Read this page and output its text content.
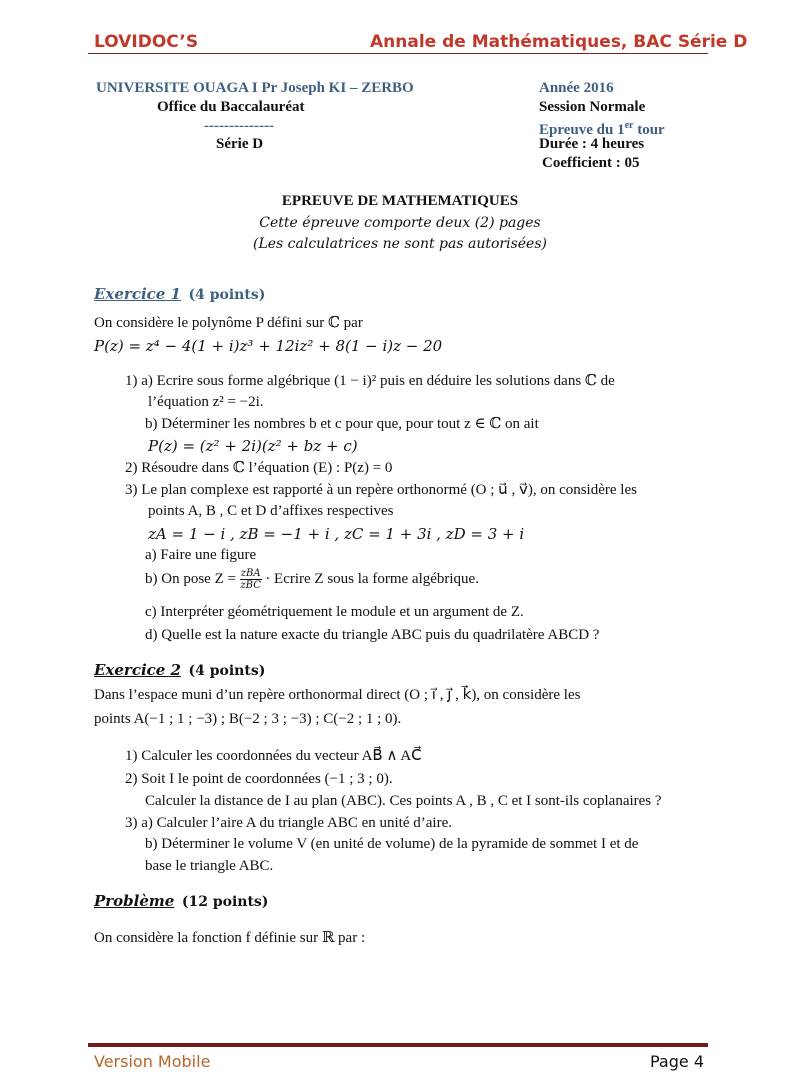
LOVIDOC’S	Annale de Mathématiques, BAC Série D
UNIVERSITE OUAGA I Pr Joseph KI – ZERBO
Office du Baccalauréat
--------------
Série D
Année 2016
Session Normale
Epreuve du 1er tour
Durée : 4 heures
Coefficient : 05
EPREUVE DE MATHEMATIQUES
Cette épreuve comporte deux (2) pages
(Les calculatrices ne sont pas autorisées)
Exercice 1 (4 points)
On considère le polynôme P défini sur ℂ par
P(z) = z⁴ − 4(1 + i)z³ + 12iz² + 8(1 − i)z − 20
1) a) Ecrire sous forme algébrique (1 − i)² puis en déduire les solutions dans ℂ de
l’équation z² = −2i.
b) Déterminer les nombres b et c pour que, pour tout z ∈ ℂ on ait
P(z) = (z² + 2i)(z² + bz + c)
2) Résoudre dans ℂ l’équation (E) : P(z) = 0
3) Le plan complexe est rapporté à un repère orthonormé (O ; u⃗ , v⃗), on considère les
points A, B , C et D d’affixes respectives
zA = 1 − i , zB = −1 + i , zC = 1 + 3i , zD = 3 + i
a) Faire une figure
b) On pose $Z = \frac{\text{zBA}}{\text{zBC}}$ · Ecrire Z sous la forme algébrique.
c) Interpréter géométriquement le module et un argument de Z.
d) Quelle est la nature exacte du triangle ABC puis du quadrilatère ABCD ?
Exercice 2 (4 points)
Dans l’espace muni d’un repère orthonormal direct (O ; i⃗ , j⃗ , k⃗), on considère les
points A(−1 ; 1 ; −3) ; B(−2 ; 3 ; −3) ; C(−2 ; 1 ; 0).
1) Calculer les coordonnées du vecteur AB⃗ ∧ AC⃗
2) Soit I le point de coordonnées (−1 ; 3 ; 0).
Calculer la distance de I au plan (ABC). Ces points A , B , C et I sont-ils coplanaires ?
3) a) Calculer l’aire A du triangle ABC en unité d’aire.
b) Déterminer le volume V (en unité de volume) de la pyramide de sommet I et de
base le triangle ABC.
Problème (12 points)
On considère la fonction f définie sur ℝ par :
Version Mobile	Page 4
